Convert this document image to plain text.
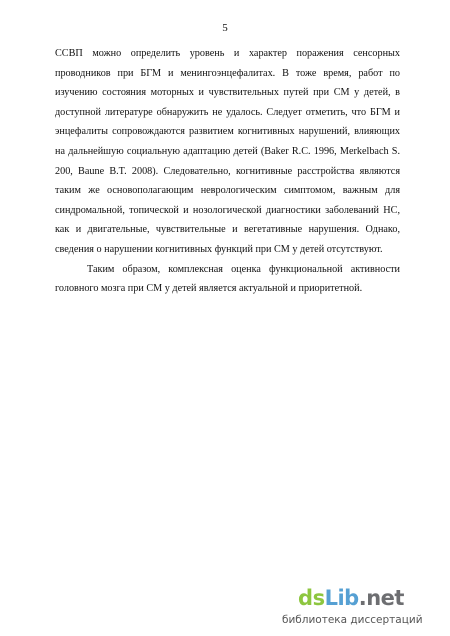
5

ССВП можно определить уровень и характер поражения сенсорных проводников при БГМ и менингоэнцефалитах. В тоже время, работ по изучению состояния моторных и чувствительных путей при СМ у детей, в доступной литературе обнаружить не удалось. Следует отметить, что БГМ и энцефалиты сопровождаются развитием когнитивных нарушений, влияющих на дальнейшую социальную адаптацию детей (Baker R.C. 1996, Merkelbach S. 200, Baune B.T. 2008). Следовательно, когнитивные расстройства являются таким же основополагающим неврологическим симптомом, важным для синдромальной, топической и нозологической диагностики заболеваний НС, как и двигательные, чувствительные и вегетативные нарушения. Однако, сведения о нарушении когнитивных функций при СМ у детей отсутствуют.

Таким образом, комплексная оценка функциональной активности головного мозга при СМ у детей является актуальной и приоритетной.

dsLib.net
библиотека диссертаций
